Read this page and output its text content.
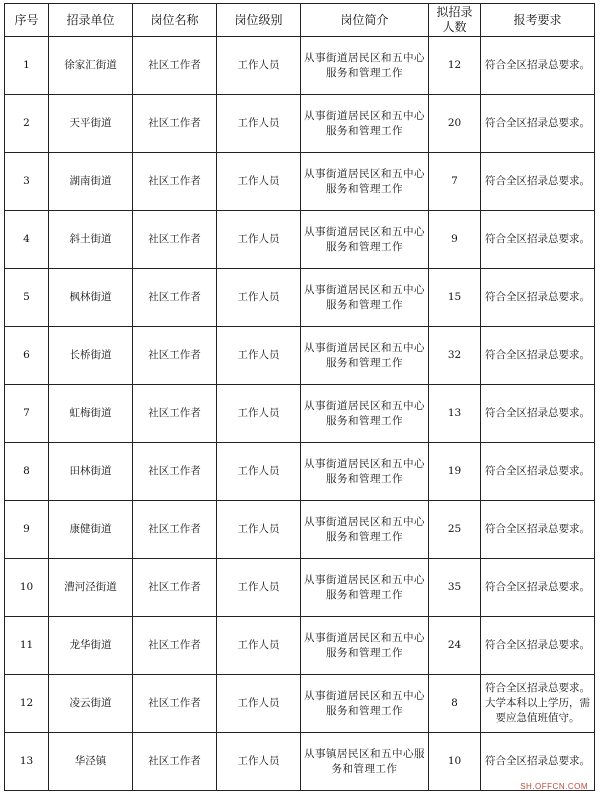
序号	招录单位	岗位名称	岗位级别	岗位简介	拟招录人数	报考要求
1	徐家汇街道	社区工作者	工作人员	从事街道居民区和五中心服务和管理工作	12	符合全区招录总要求。
2	天平街道	社区工作者	工作人员	从事街道居民区和五中心服务和管理工作	20	符合全区招录总要求。
3	湖南街道	社区工作者	工作人员	从事街道居民区和五中心服务和管理工作	7	符合全区招录总要求。
4	斜土街道	社区工作者	工作人员	从事街道居民区和五中心服务和管理工作	9	符合全区招录总要求。
5	枫林街道	社区工作者	工作人员	从事街道居民区和五中心服务和管理工作	15	符合全区招录总要求。
6	长桥街道	社区工作者	工作人员	从事街道居民区和五中心服务和管理工作	32	符合全区招录总要求。
7	虹梅街道	社区工作者	工作人员	从事街道居民区和五中心服务和管理工作	13	符合全区招录总要求。
8	田林街道	社区工作者	工作人员	从事街道居民区和五中心服务和管理工作	19	符合全区招录总要求。
9	康健街道	社区工作者	工作人员	从事街道居民区和五中心服务和管理工作	25	符合全区招录总要求。
10	漕河泾街道	社区工作者	工作人员	从事街道居民区和五中心服务和管理工作	35	符合全区招录总要求。
11	龙华街道	社区工作者	工作人员	从事街道居民区和五中心服务和管理工作	24	符合全区招录总要求。
12	凌云街道	社区工作者	工作人员	从事街道居民区和五中心服务和管理工作	8	符合全区招录总要求。大学本科以上学历，需要应急值班值守。
13	华泾镇	社区工作者	工作人员	从事镇居民区和五中心服务和管理工作	10	符合全区招录总要求。
SH.OFFCN.COM
